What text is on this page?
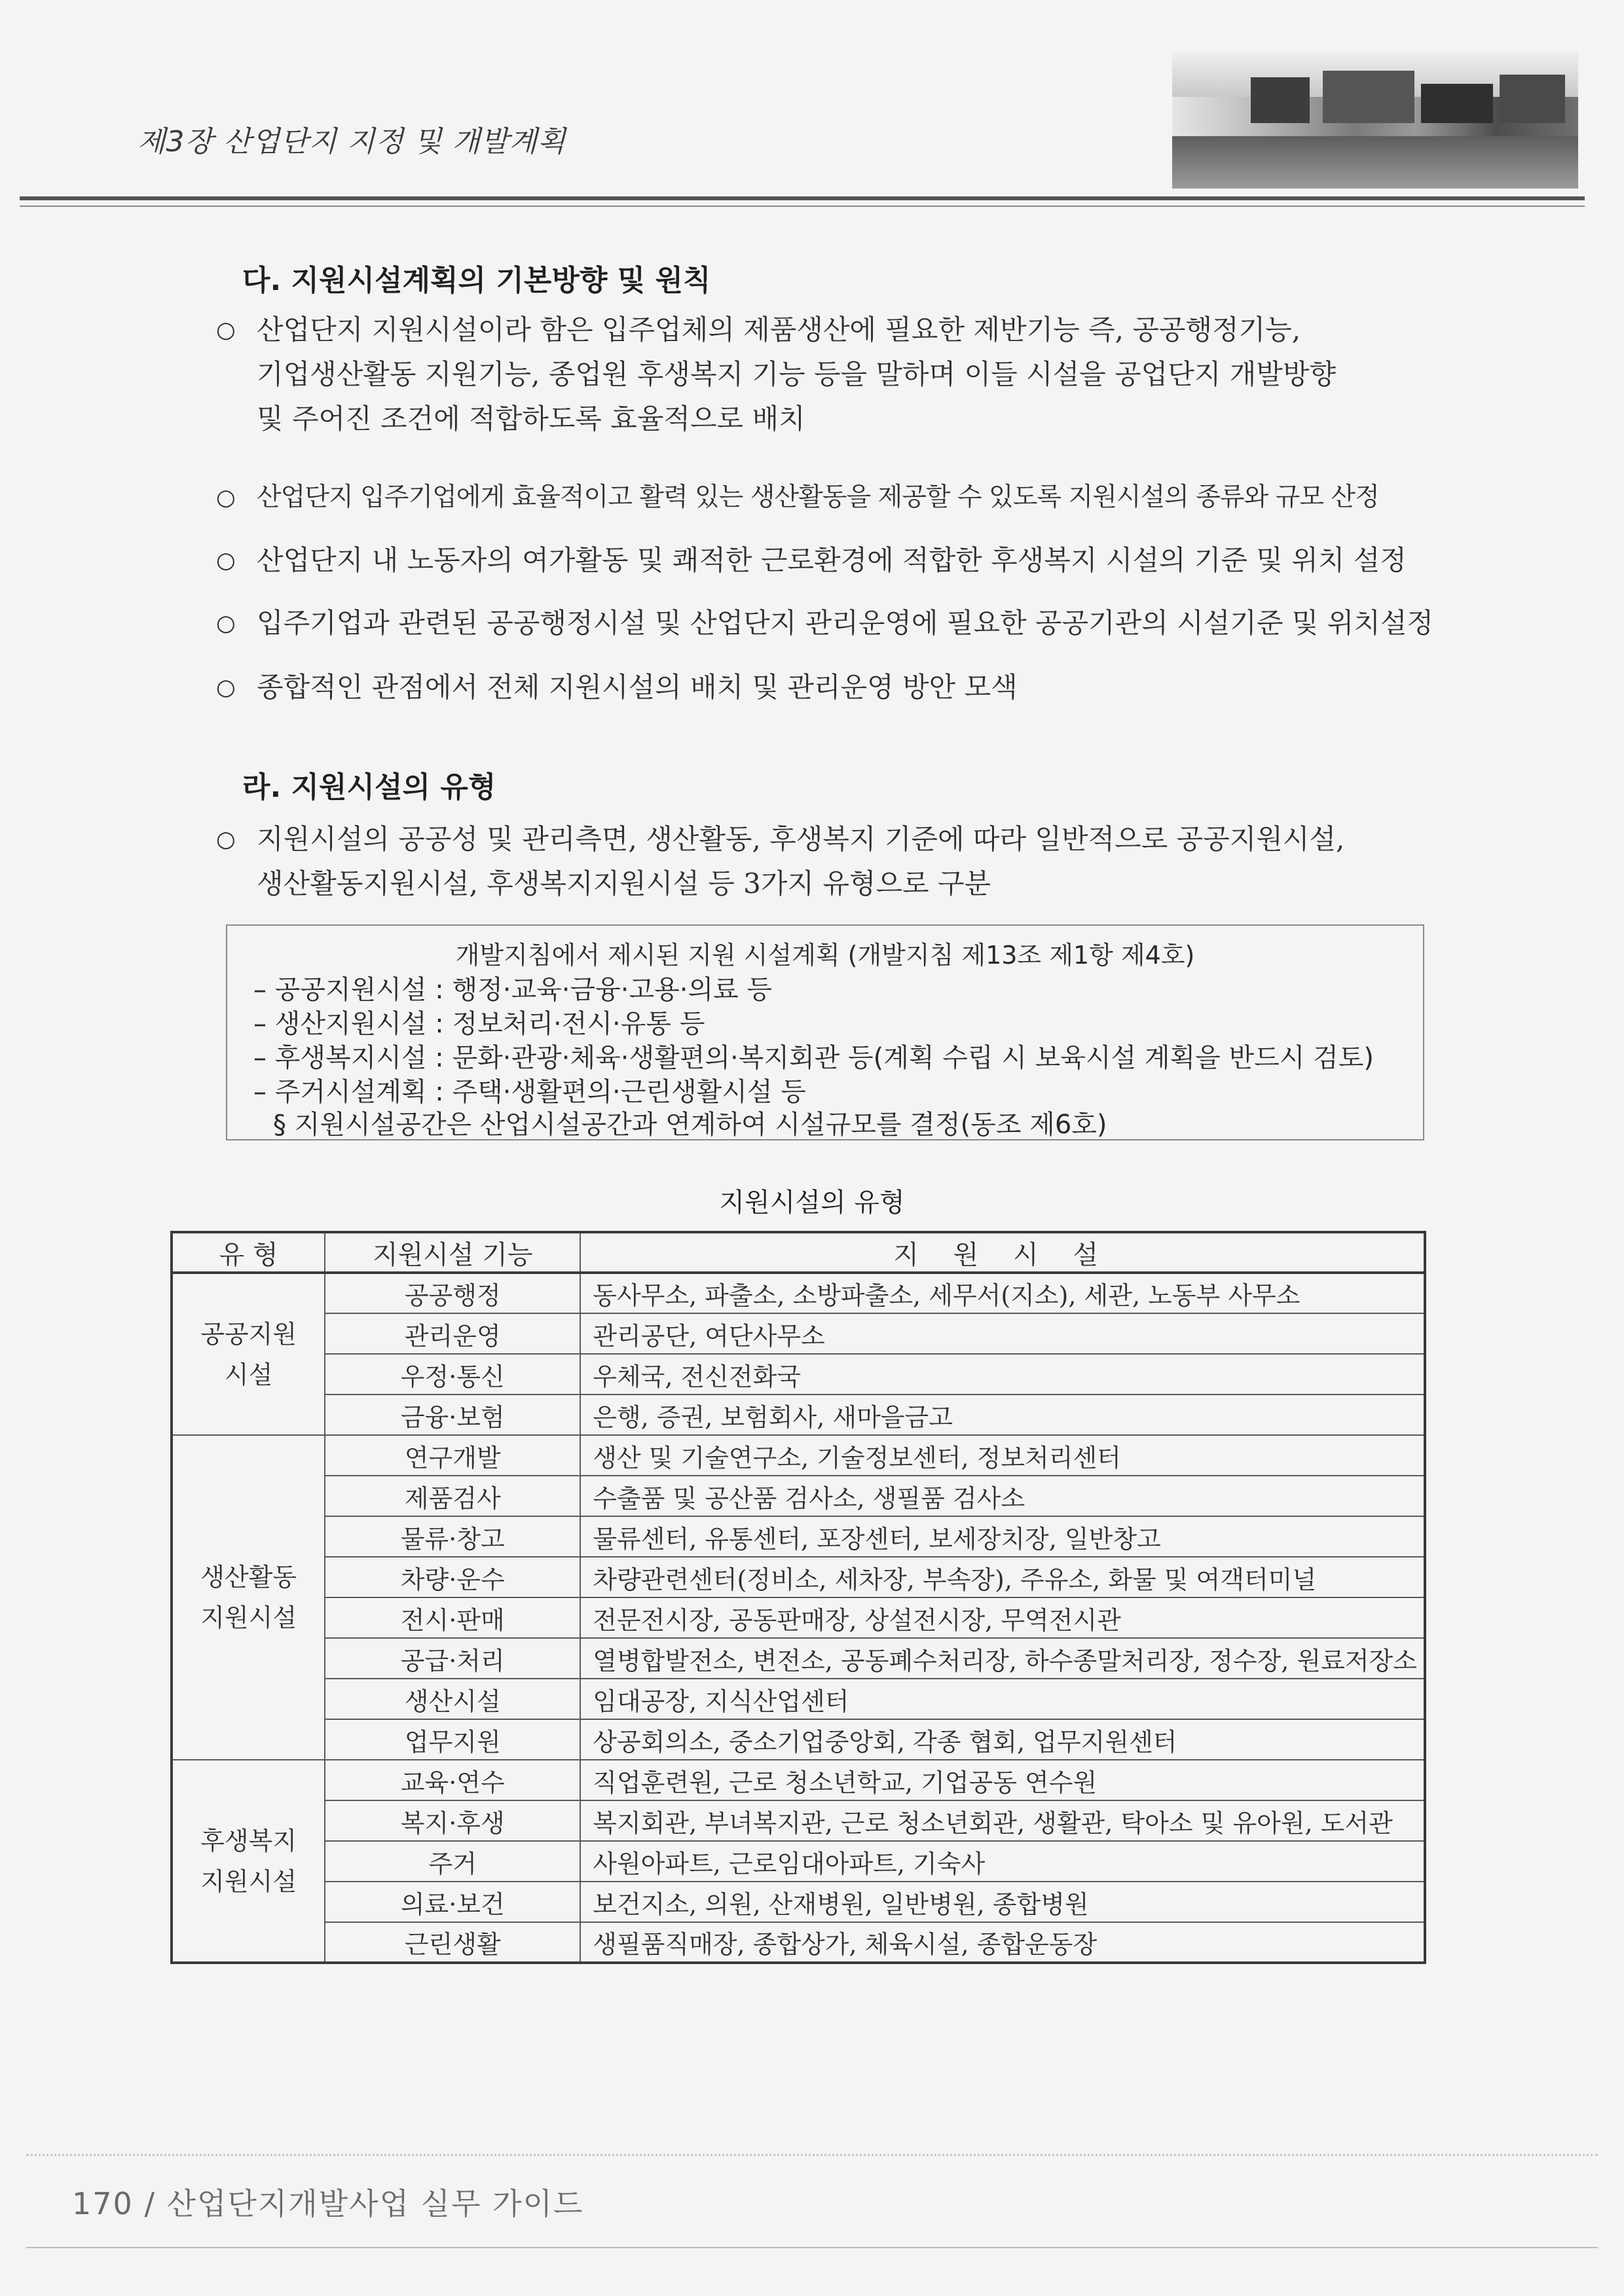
제3장 산업단지 지정 및 개발계획
다. 지원시설계획의 기본방향 및 원칙
○ 산업단지 지원시설이라 함은 입주업체의 제품생산에 필요한 제반기능 즉, 공공행정기능,
기업생산활동 지원기능, 종업원 후생복지 기능 등을 말하며 이들 시설을 공업단지 개발방향
및 주어진 조건에 적합하도록 효율적으로 배치
○ 산업단지 입주기업에게 효율적이고 활력 있는 생산활동을 제공할 수 있도록 지원시설의 종류와 규모 산정
○ 산업단지 내 노동자의 여가활동 및 쾌적한 근로환경에 적합한 후생복지 시설의 기준 및 위치 설정
○ 입주기업과 관련된 공공행정시설 및 산업단지 관리운영에 필요한 공공기관의 시설기준 및 위치설정
○ 종합적인 관점에서 전체 지원시설의 배치 및 관리운영 방안 모색
라. 지원시설의 유형
○ 지원시설의 공공성 및 관리측면, 생산활동, 후생복지 기준에 따라 일반적으로 공공지원시설,
생산활동지원시설, 후생복지지원시설 등 3가지 유형으로 구분
개발지침에서 제시된 지원 시설계획 (개발지침 제13조 제1항 제4호)
– 공공지원시설 : 행정·교육·금융·고용·의료 등
– 생산지원시설 : 정보처리·전시·유통 등
– 후생복지시설 : 문화·관광·체육·생활편의·복지회관 등(계획 수립 시 보육시설 계획을 반드시 검토)
– 주거시설계획 : 주택·생활편의·근린생활시설 등
§ 지원시설공간은 산업시설공간과 연계하여 시설규모를 결정(동조 제6호)
지원시설의 유형
유 형	지원시설 기능	지 원 시 설
공공지원
시설	공공행정	동사무소, 파출소, 소방파출소, 세무서(지소), 세관, 노동부 사무소
	관리운영	관리공단, 여단사무소
	우정·통신	우체국, 전신전화국
	금융·보험	은행, 증권, 보험회사, 새마을금고
생산활동
지원시설	연구개발	생산 및 기술연구소, 기술정보센터, 정보처리센터
	제품검사	수출품 및 공산품 검사소, 생필품 검사소
	물류·창고	물류센터, 유통센터, 포장센터, 보세장치장, 일반창고
	차량·운수	차량관련센터(정비소, 세차장, 부속장), 주유소, 화물 및 여객터미널
	전시·판매	전문전시장, 공동판매장, 상설전시장, 무역전시관
	공급·처리	열병합발전소, 변전소, 공동폐수처리장, 하수종말처리장, 정수장, 원료저장소
	생산시설	임대공장, 지식산업센터
	업무지원	상공회의소, 중소기업중앙회, 각종 협회, 업무지원센터
후생복지
지원시설	교육·연수	직업훈련원, 근로 청소년학교, 기업공동 연수원
	복지·후생	복지회관, 부녀복지관, 근로 청소년회관, 생활관, 탁아소 및 유아원, 도서관
	주거	사원아파트, 근로임대아파트, 기숙사
	의료·보건	보건지소, 의원, 산재병원, 일반병원, 종합병원
	근린생활	생필품직매장, 종합상가, 체육시설, 종합운동장
170 / 산업단지개발사업 실무 가이드
